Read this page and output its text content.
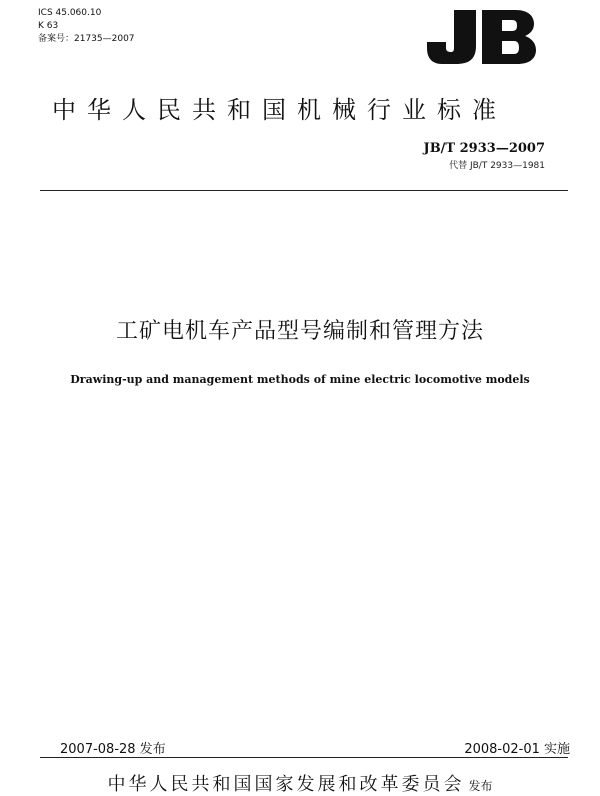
ICS 45.060.10
K 63
备案号：21735—2007
中华人民共和国机械行业标准
JB/T 2933—2007
代替 JB/T 2933—1981
工矿电机车产品型号编制和管理方法
Drawing-up and management methods of mine electric locomotive models
2007-08-28 发布	2008-02-01 实施
中华人民共和国国家发展和改革委员会 发布
